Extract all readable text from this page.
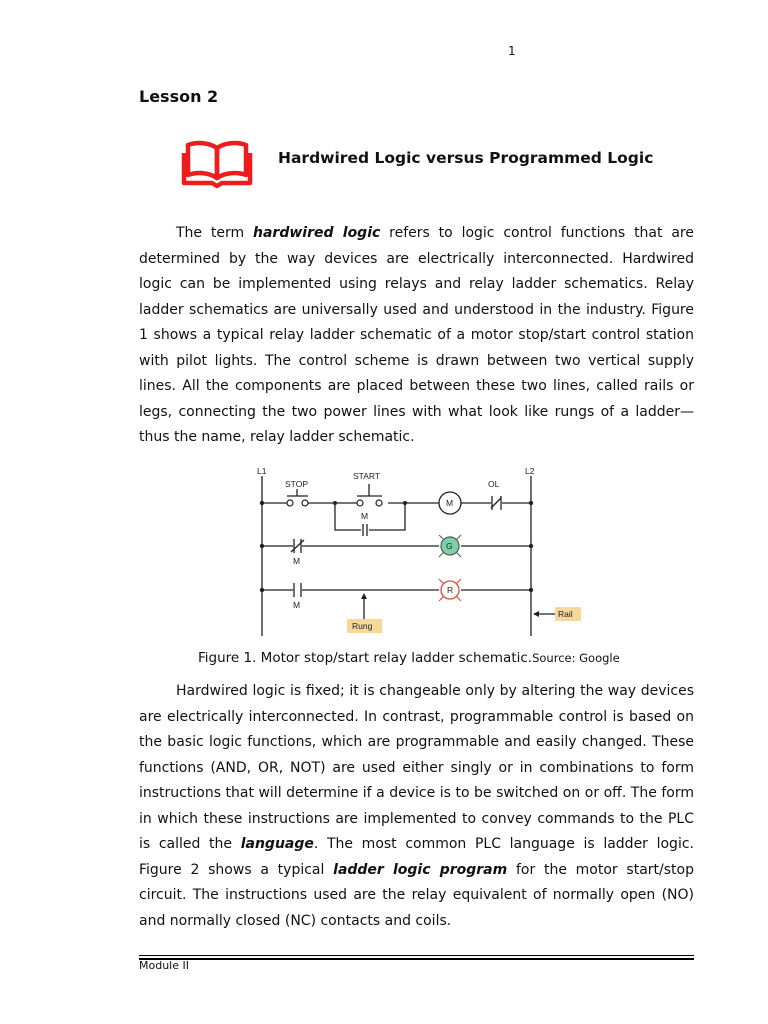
1
Lesson 2
Hardwired Logic versus Programmed Logic

The term hardwired logic refers to logic control functions that are determined by the way devices are electrically interconnected. Hardwired logic can be implemented using relays and relay ladder schematics. Relay ladder schematics are universally used and understood in the industry. Figure 1 shows a typical relay ladder schematic of a motor stop/start control station with pilot lights. The control scheme is drawn between two vertical supply lines. All the components are placed between these two lines, called rails or legs, connecting the two power lines with what look like rungs of a ladder—thus the name, relay ladder schematic.

L1	L2
STOP
START
OL
M
M
G
R
M
M
Rung
Rail
Figure 1. Motor stop/start relay ladder schematic.Source: Google

Hardwired logic is fixed; it is changeable only by altering the way devices are electrically interconnected. In contrast, programmable control is based on the basic logic functions, which are programmable and easily changed. These functions (AND, OR, NOT) are used either singly or in combinations to form instructions that will determine if a device is to be switched on or off. The form in which these instructions are implemented to convey commands to the PLC is called the language. The most common PLC language is ladder logic. Figure 2 shows a typical ladder logic program for the motor start/stop circuit. The instructions used are the relay equivalent of normally open (NO) and normally closed (NC) contacts and coils.

Module II
